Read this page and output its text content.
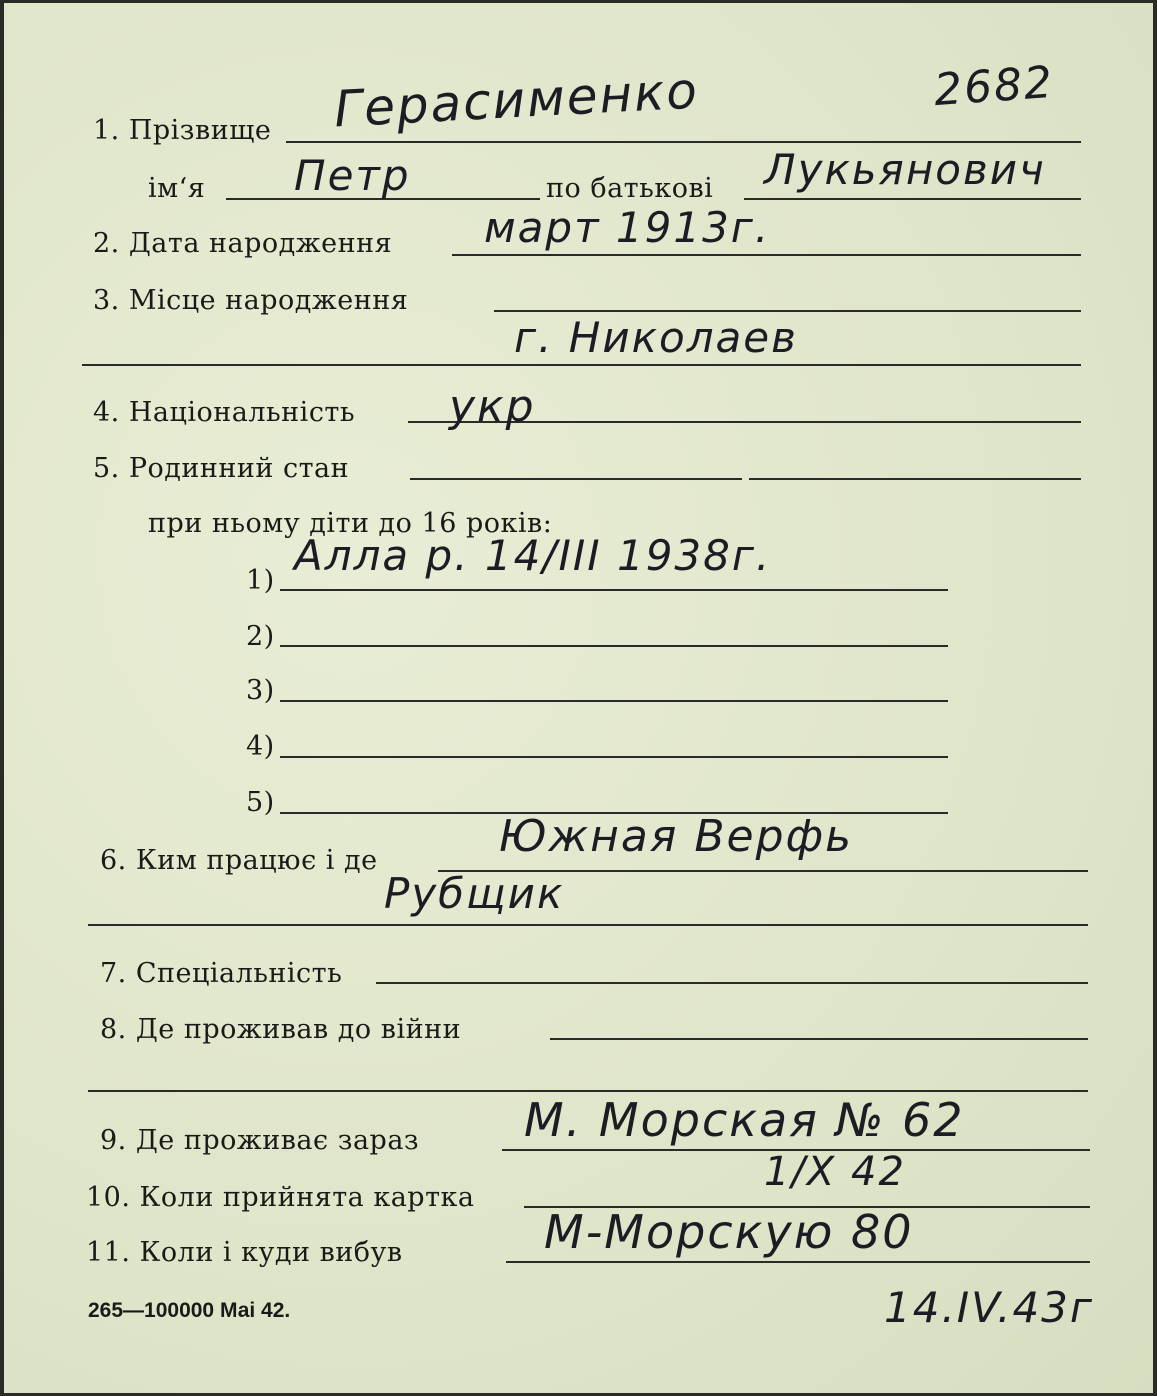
1. Прізвище
ім‘я	по батькові
2. Дата народження
3. Місце народження
4. Національність
5. Родинний стан
при ньому діти до 16 років:
1)
2)
3)
4)
5)
6. Ким працює і де
7. Спеціальність
8. Де проживав до війни
9. Де проживає зараз
10. Коли прийнята картка
11. Коли і куди вибув
265—100000 Маі 42.
2682
Герасименко
Петр	Лукьянович
март 1913г.
г. Николаев
укр
Алла р. 14/III 1938г.
Южная Верфь
Рубщик
М. Морская № 62
1/X 42
М-Морскую 80
14.IV.43г
